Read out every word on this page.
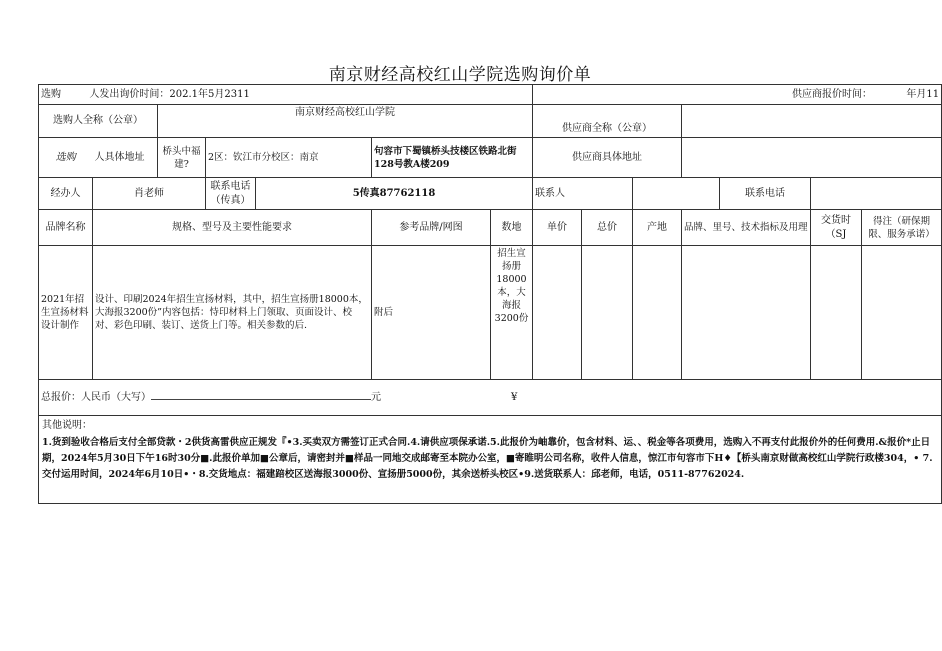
南京财经高校红山学院选购询价单
选购 人发出询价时间：202.1年5月2311							供应商报价时间： 年月11						
选购人全称（公章）		南京财经高校红山学院					供应商全称（公章）						
选购	人具体地址	桥头中福建?	2区：钦江市分校区：南京		句容市下蜀镇桥头技楼区铁路北街128号教A楼209		供应商具体地址						
经办人	肖老师		联系电话（传真）	5传真87762118			联系人				联系电话		
品牌名称	规格、型号及主要性能要求				参考品牌/网图	数地	单价	总价	产地	品牌、里号、技术指标及用理		交货时（SJ	得注（研保期限、服务承诺）
2021年招生宣扬材料设计制作	设计、印刷2024年招生宣扬材料，其中，招生宣扬册18000本，大海报3200份”内容包括：恃印材料上门领取、页面设计、校对、彩色印刷、装订、送货上门等。相关参数的后.				附后	招生宣扬册18000本，大海报3200份							
总报价：人民币（大写） 元 ¥													

其他说明：
1.货到验收合格后支付全部贷款・2供货高雷供应正规发『•3.买卖双方需签订正式合同.4.请供应项保承诺.5.此报价为岫靠价，包含材料、运、、税金等各项费用，选购入不再支付此报价外的任何费用.&报价*止日期，2024年5月30日下午16时30分■.此报价单加■公章后，请密封并■样品一同地交成邮寄至本院办公室，■寄睢明公司名称，收件人信息，惊江市句容市下H♦【桥头南京财做高校红山学院行政楼304，• 7.交付运用时间，2024年6月10日•・8.交货地点：福建踣校区送海报3000份、宣扬册5000份，其余送桥头校区•9.送货联系人：邱老师，电话，0511-87762024.													
